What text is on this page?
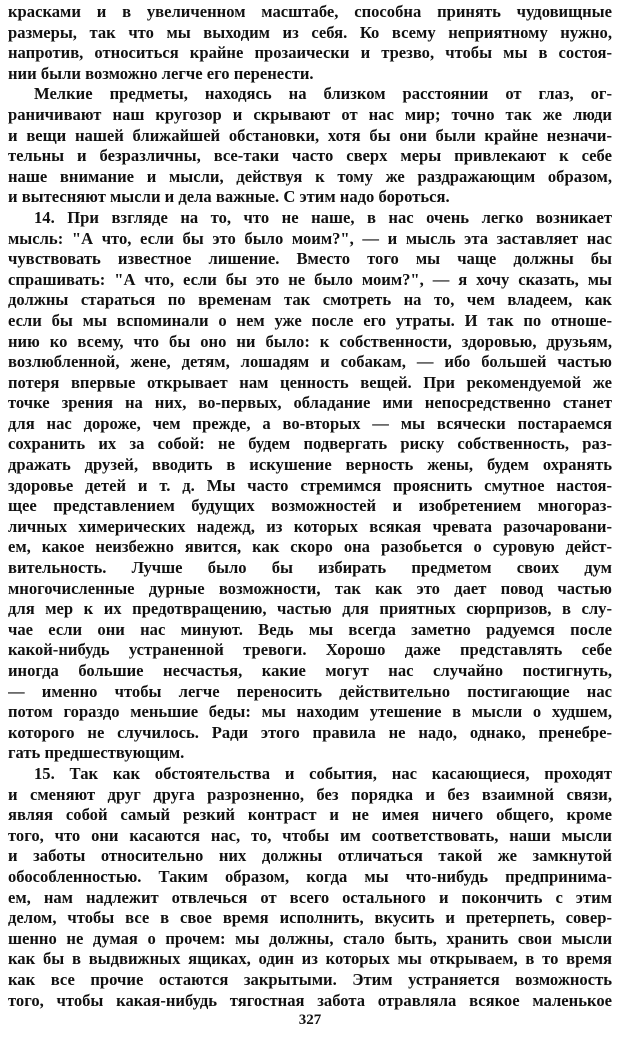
красками и в увеличенном масштабе, способна принять чудовищные
размеры, так что мы выходим из себя. Ко всему неприятному нужно,
напротив, относиться крайне прозаически и трезво, чтобы мы в состоя-
нии были возможно легче его перенести.
Мелкие предметы, находясь на близком расстоянии от глаз, ог-
раничивают наш кругозор и скрывают от нас мир; точно так же люди
и вещи нашей ближайшей обстановки, хотя бы они были крайне незначи-
тельны и безразличны, все-таки часто сверх меры привлекают к себе
наше внимание и мысли, действуя к тому же раздражающим образом,
и вытесняют мысли и дела важные. С этим надо бороться.
14. При взгляде на то, что не наше, в нас очень легко возникает
мысль: "А что, если бы это было моим?", — и мысль эта заставляет нас
чувствовать известное лишение. Вместо того мы чаще должны бы
спрашивать: "А что, если бы это не было моим?", — я хочу сказать, мы
должны стараться по временам так смотреть на то, чем владеем, как
если бы мы вспоминали о нем уже после его утраты. И так по отноше-
нию ко всему, что бы оно ни было: к собственности, здоровью, друзьям,
возлюбленной, жене, детям, лошадям и собакам, — ибо большей частью
потеря впервые открывает нам ценность вещей. При рекомендуемой же
точке зрения на них, во-первых, обладание ими непосредственно станет
для нас дороже, чем прежде, а во-вторых — мы всячески постараемся
сохранить их за собой: не будем подвергать риску собственность, раз-
дражать друзей, вводить в искушение верность жены, будем охранять
здоровье детей и т. д. Мы часто стремимся прояснить смутное настоя-
щее представлением будущих возможностей и изобретением многораз-
личных химерических надежд, из которых всякая чревата разочаровани-
ем, какое неизбежно явится, как скоро она разобьется о суровую дейст-
вительность. Лучше было бы избирать предметом своих дум
многочисленные дурные возможности, так как это дает повод частью
для мер к их предотвращению, частью для приятных сюрпризов, в слу-
чае если они нас минуют. Ведь мы всегда заметно радуемся после
какой-нибудь устраненной тревоги. Хорошо даже представлять себе
иногда большие несчастья, какие могут нас случайно постигнуть,
— именно чтобы легче переносить действительно постигающие нас
потом гораздо меньшие беды: мы находим утешение в мысли о худшем,
которого не случилось. Ради этого правила не надо, однако, пренебре-
гать предшествующим.
15. Так как обстоятельства и события, нас касающиеся, проходят
и сменяют друг друга разрозненно, без порядка и без взаимной связи,
являя собой самый резкий контраст и не имея ничего общего, кроме
того, что они касаются нас, то, чтобы им соответствовать, наши мысли
и заботы относительно них должны отличаться такой же замкнутой
обособленностью. Таким образом, когда мы что-нибудь предпринима-
ем, нам надлежит отвлечься от всего остального и покончить с этим
делом, чтобы все в свое время исполнить, вкусить и претерпеть, совер-
шенно не думая о прочем: мы должны, стало быть, хранить свои мысли
как бы в выдвижных ящиках, один из которых мы открываем, в то время
как все прочие остаются закрытыми. Этим устраняется возможность
того, чтобы какая-нибудь тягостная забота отравляла всякое маленькое
327
